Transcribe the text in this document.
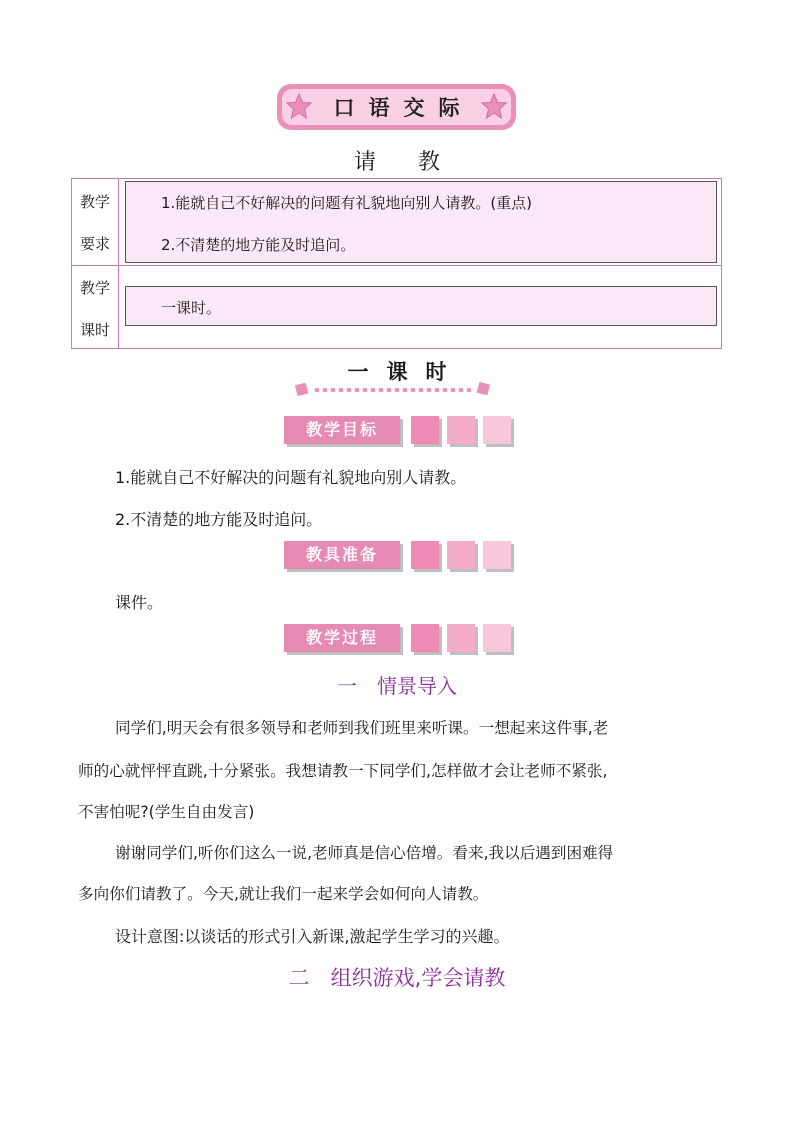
口语交际
请教
教学
要求
1.能就自己不好解决的问题有礼貌地向别人请教。(重点)
2.不清楚的地方能及时追问。
教学
课时
一课时。
一课时
教学目标
1.能就自己不好解决的问题有礼貌地向别人请教。
2.不清楚的地方能及时追问。
教具准备
课件。
教学过程
一　情景导入
同学们,明天会有很多领导和老师到我们班里来听课。一想起来这件事,老
师的心就怦怦直跳,十分紧张。我想请教一下同学们,怎样做才会让老师不紧张,
不害怕呢?(学生自由发言)
谢谢同学们,听你们这么一说,老师真是信心倍增。看来,我以后遇到困难得
多向你们请教了。今天,就让我们一起来学会如何向人请教。
设计意图:以谈话的形式引入新课,激起学生学习的兴趣。
二　组织游戏,学会请教
